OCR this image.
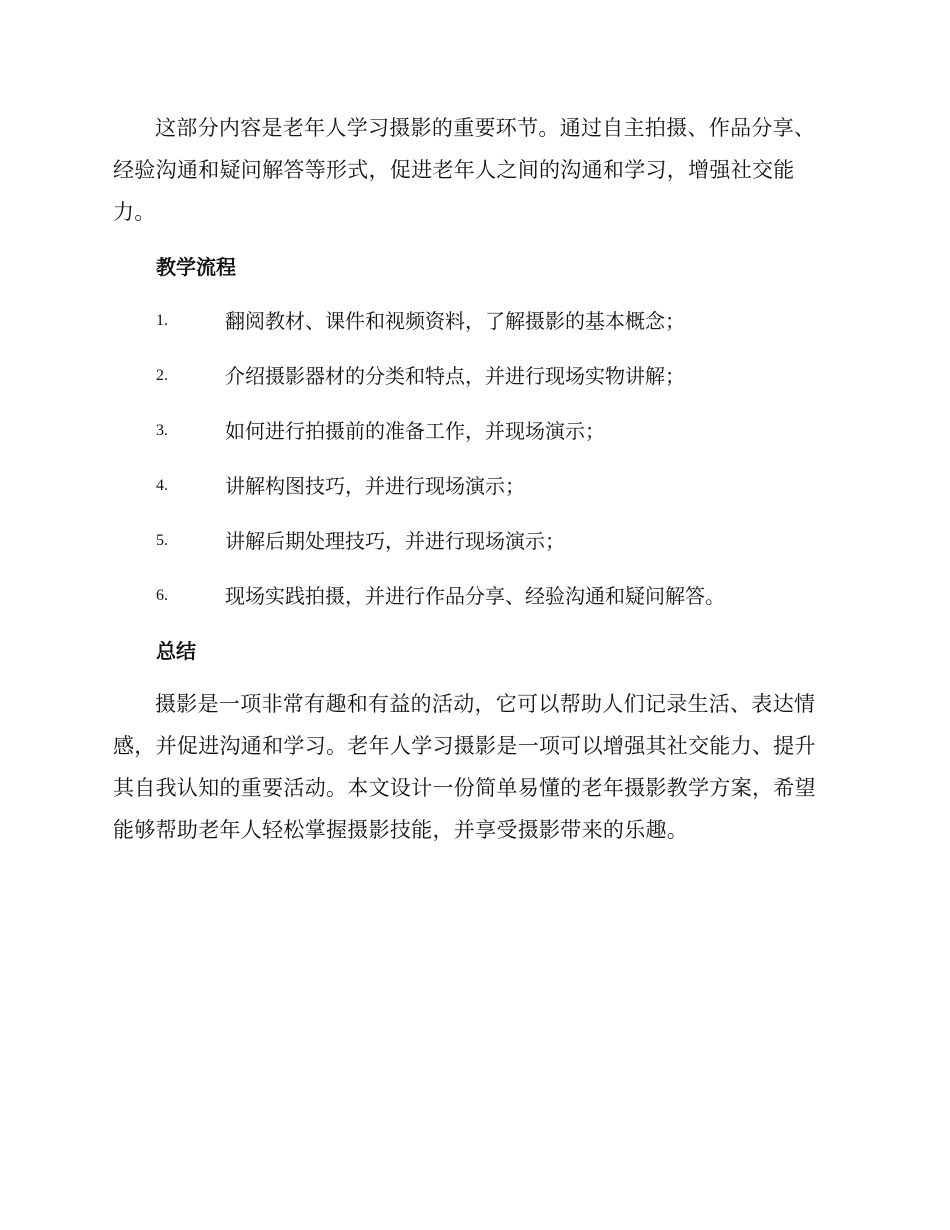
这部分内容是老年人学习摄影的重要环节。通过自主拍摄、作品分享、经验沟通和疑问解答等形式，促进老年人之间的沟通和学习，增强社交能力。

教学流程
1.	翻阅教材、课件和视频资料，了解摄影的基本概念；
2.	介绍摄影器材的分类和特点，并进行现场实物讲解；
3.	如何进行拍摄前的准备工作，并现场演示；
4.	讲解构图技巧，并进行现场演示；
5.	讲解后期处理技巧，并进行现场演示；
6.	现场实践拍摄，并进行作品分享、经验沟通和疑问解答。
总结

摄影是一项非常有趣和有益的活动，它可以帮助人们记录生活、表达情感，并促进沟通和学习。老年人学习摄影是一项可以增强其社交能力、提升其自我认知的重要活动。本文设计一份简单易懂的老年摄影教学方案，希望能够帮助老年人轻松掌握摄影技能，并享受摄影带来的乐趣。
